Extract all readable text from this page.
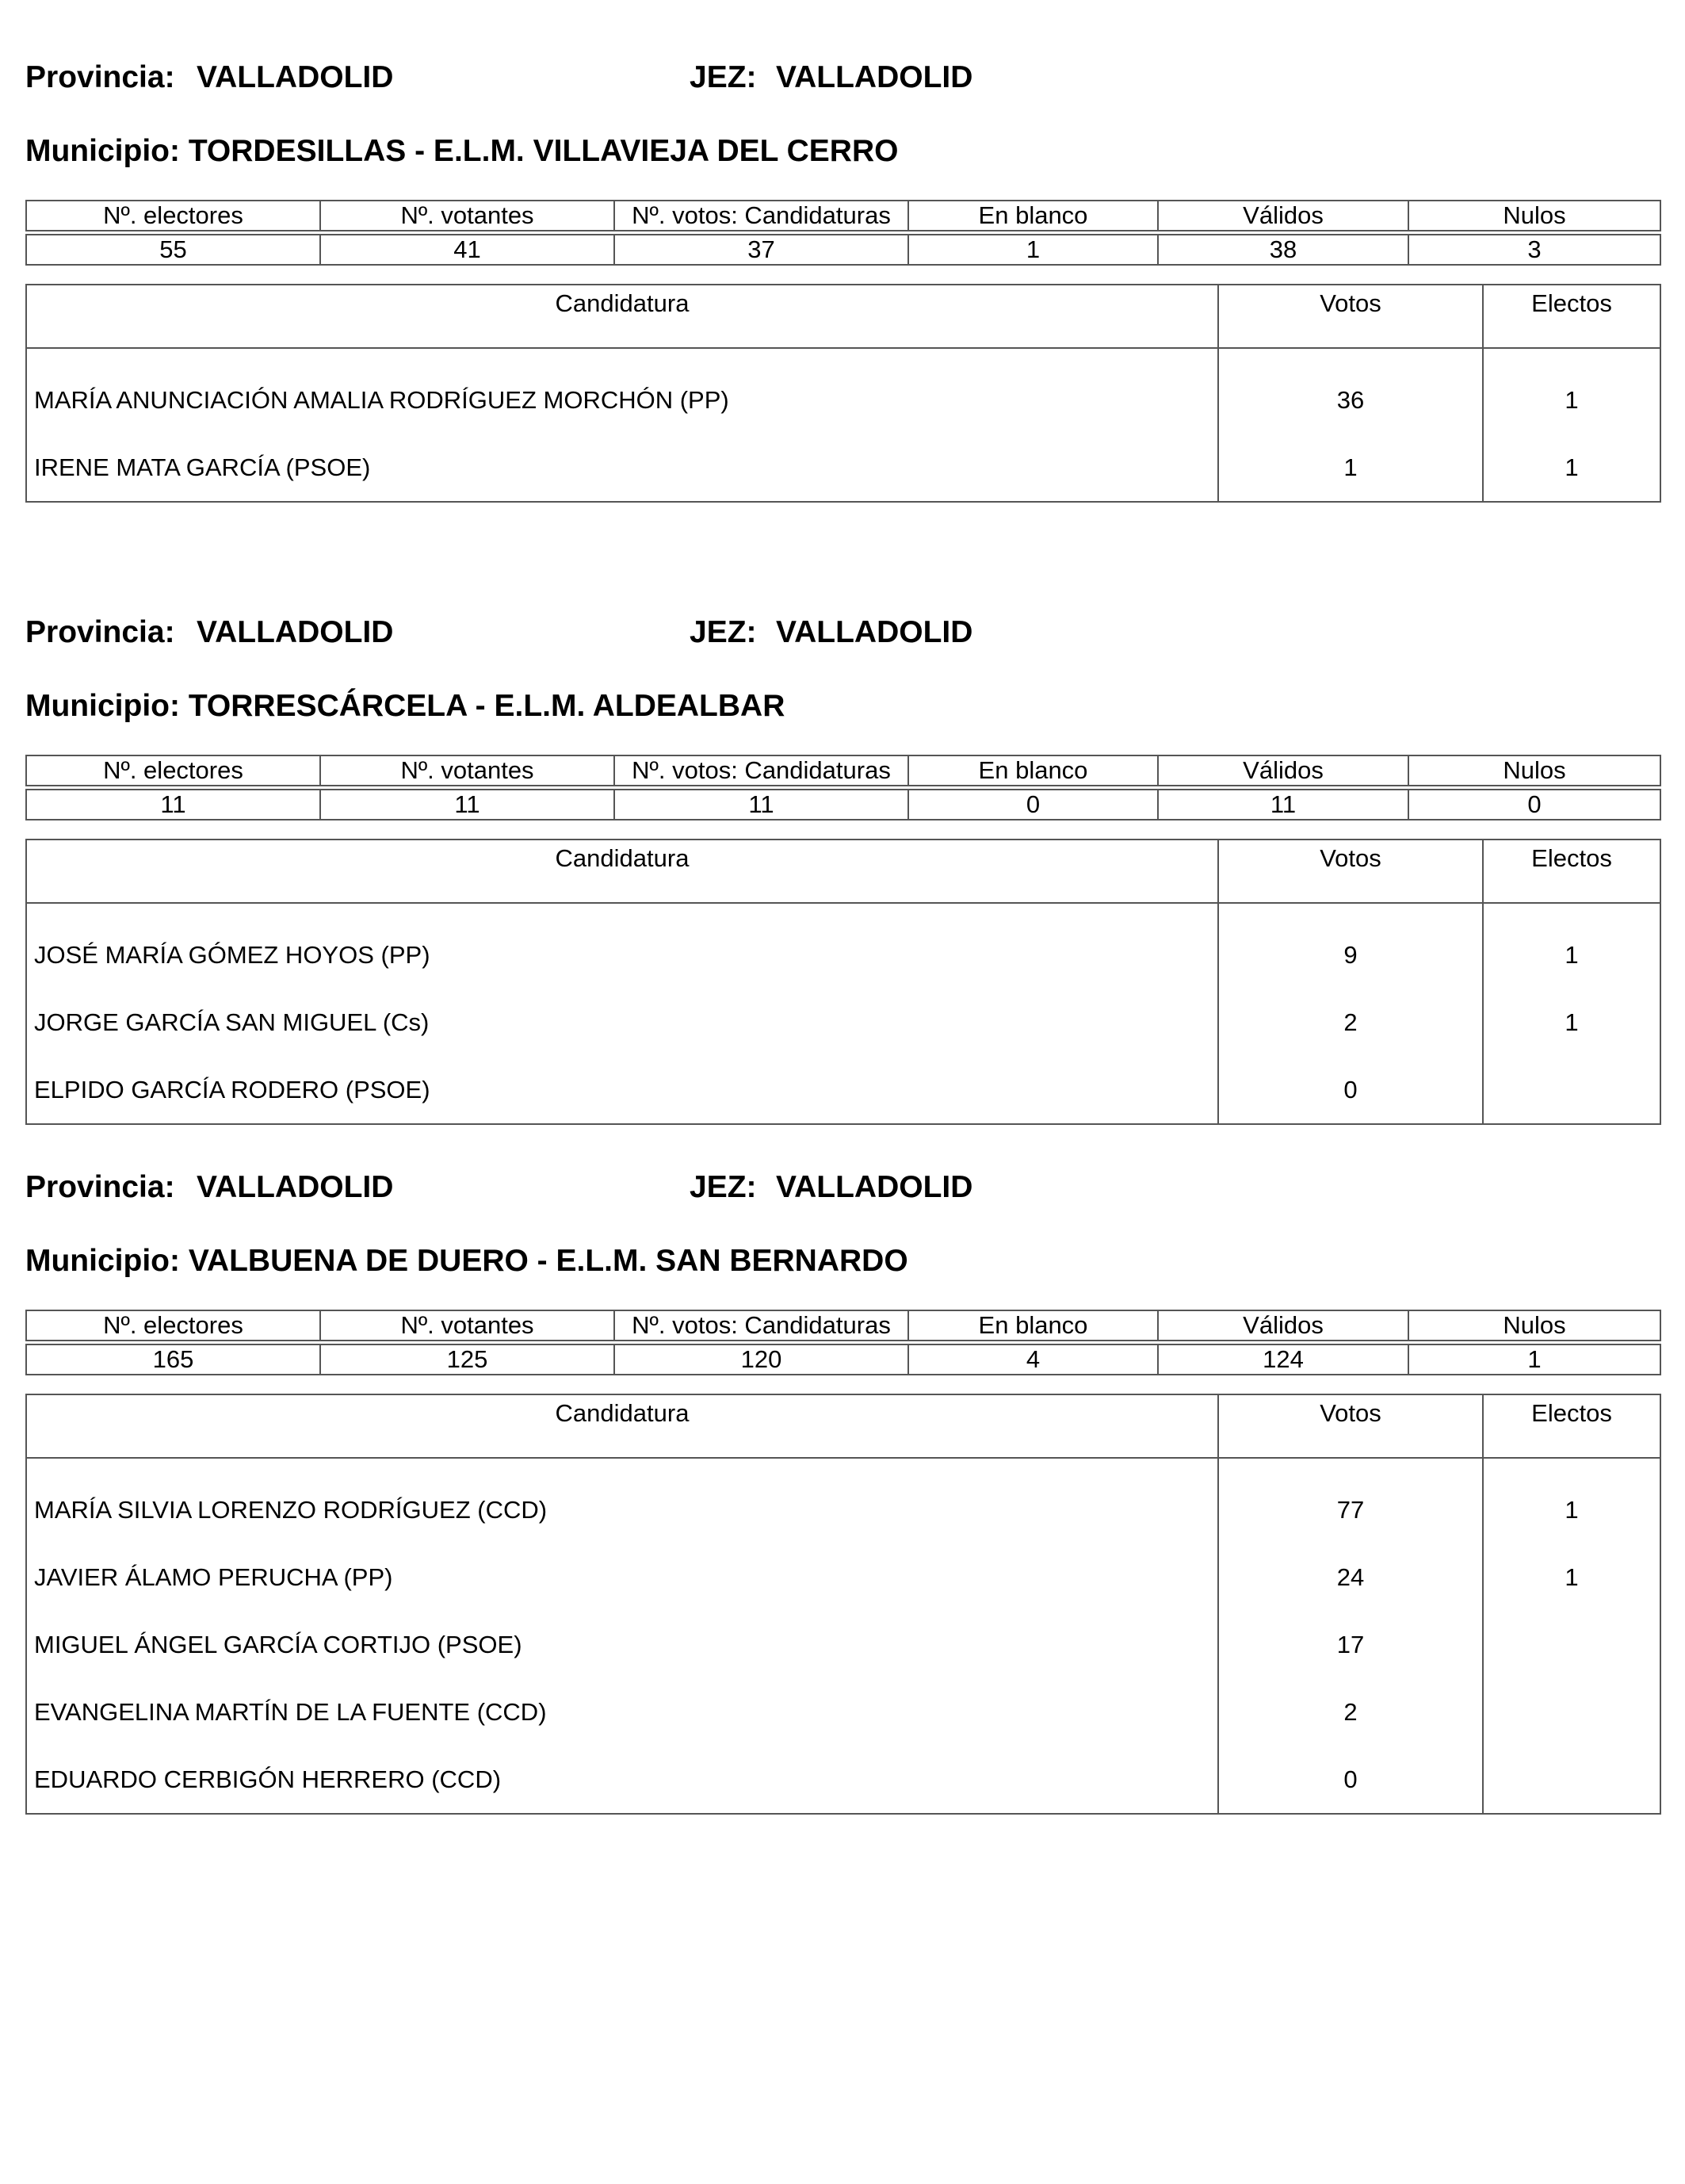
Provincia: VALLADOLID	JEZ: VALLADOLID
Municipio: TORDESILLAS - E.L.M. VILLAVIEJA DEL CERRO
Nº. electores	Nº. votantes	Nº. votos: Candidaturas	En blanco	Válidos	Nulos

55	41	37	1	38	3
Candidatura	Votos	Electos
MARÍA ANUNCIACIÓN AMALIA RODRÍGUEZ MORCHÓN (PP)	36	1
IRENE MATA GARCÍA (PSOE)	1	1
Provincia: VALLADOLID	JEZ: VALLADOLID
Municipio: TORRESCÁRCELA - E.L.M. ALDEALBAR
Nº. electores	Nº. votantes	Nº. votos: Candidaturas	En blanco	Válidos	Nulos

11	11	11	0	11	0
Candidatura	Votos	Electos
JOSÉ MARÍA GÓMEZ HOYOS (PP)	9	1
JORGE GARCÍA SAN MIGUEL (Cs)	2	1
ELPIDO GARCÍA RODERO (PSOE)	0	
Provincia: VALLADOLID	JEZ: VALLADOLID
Municipio: VALBUENA DE DUERO - E.L.M. SAN BERNARDO
Nº. electores	Nº. votantes	Nº. votos: Candidaturas	En blanco	Válidos	Nulos

165	125	120	4	124	1
Candidatura	Votos	Electos
MARÍA SILVIA LORENZO RODRÍGUEZ (CCD)	77	1
JAVIER ÁLAMO PERUCHA (PP)	24	1
MIGUEL ÁNGEL GARCÍA CORTIJO (PSOE)	17	
EVANGELINA MARTÍN DE LA FUENTE (CCD)	2	
EDUARDO CERBIGÓN HERRERO (CCD)	0	
